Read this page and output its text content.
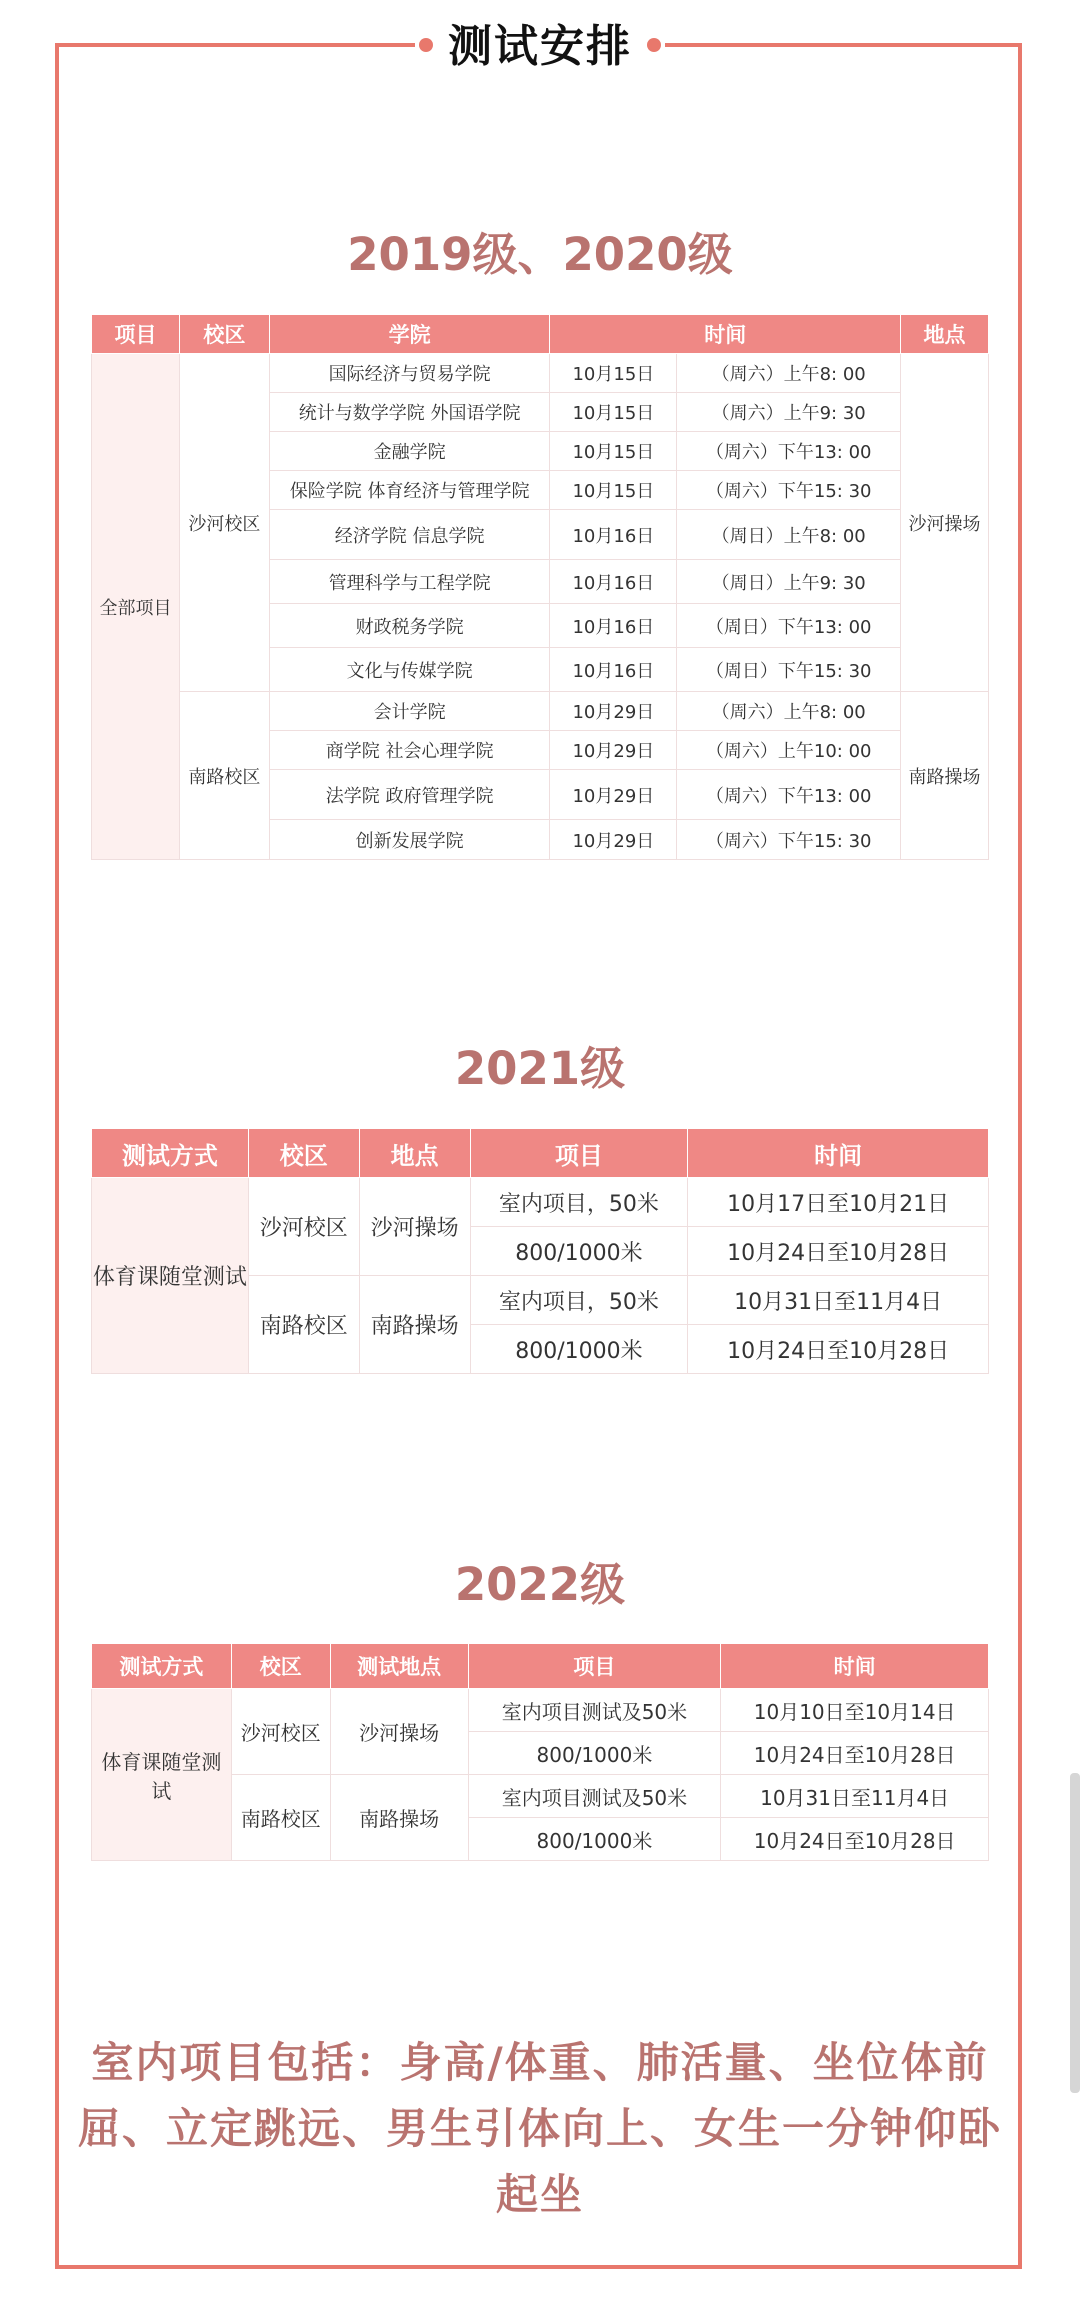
测试安排
2019级、2020级
项目	校区	学院	时间		地点
全部项目	沙河校区	国际经济与贸易学院	10月15日	（周六）上午8: 00	沙河操场
		统计与数学学院 外国语学院	10月15日	（周六）上午9: 30	
		金融学院	10月15日	（周六）下午13: 00	
		保险学院 体育经济与管理学院	10月15日	（周六）下午15: 30	
		经济学院 信息学院	10月16日	（周日）上午8: 00	
		管理科学与工程学院	10月16日	（周日）上午9: 30	
		财政税务学院	10月16日	（周日）下午13: 00	
		文化与传媒学院	10月16日	（周日）下午15: 30	
	南路校区	会计学院	10月29日	（周六）上午8: 00	南路操场
		商学院 社会心理学院	10月29日	（周六）上午10: 00	
		法学院 政府管理学院	10月29日	（周六）下午13: 00	
		创新发展学院	10月29日	（周六）下午15: 30	
2021级
测试方式	校区	地点	项目	时间
体育课随堂测试	沙河校区	沙河操场	室内项目，50米	10月17日至10月21日
			800/1000米	10月24日至10月28日
	南路校区	南路操场	室内项目，50米	10月31日至11月4日
			800/1000米	10月24日至10月28日
2022级
测试方式	校区	测试地点	项目	时间
体育课随堂测试	沙河校区	沙河操场	室内项目测试及50米	10月10日至10月14日
			800/1000米	10月24日至10月28日
	南路校区	南路操场	室内项目测试及50米	10月31日至11月4日
			800/1000米	10月24日至10月28日
室内项目包括：身高/体重、肺活量、坐位体前屈、立定跳远、男生引体向上、女生一分钟仰卧起坐
